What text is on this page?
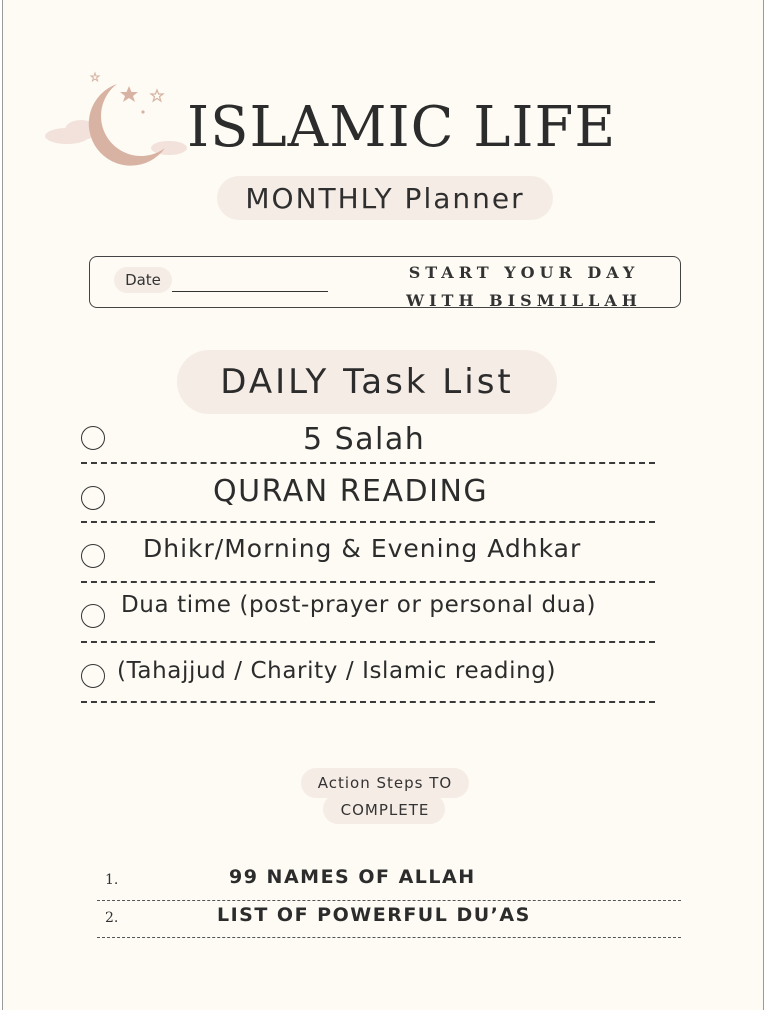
ISLAMIC LIFE
MONTHLY Planner
Date	START YOUR DAY
WITH BISMILLAH
DAILY Task List
5 Salah
QURAN READING
Dhikr/Morning & Evening Adhkar
Dua time (post-prayer or personal dua)
(Tahajjud / Charity / Islamic reading)
Action Steps TO
COMPLETE
1.	99 NAMES OF ALLAH
2.	LIST OF POWERFUL DU’AS
